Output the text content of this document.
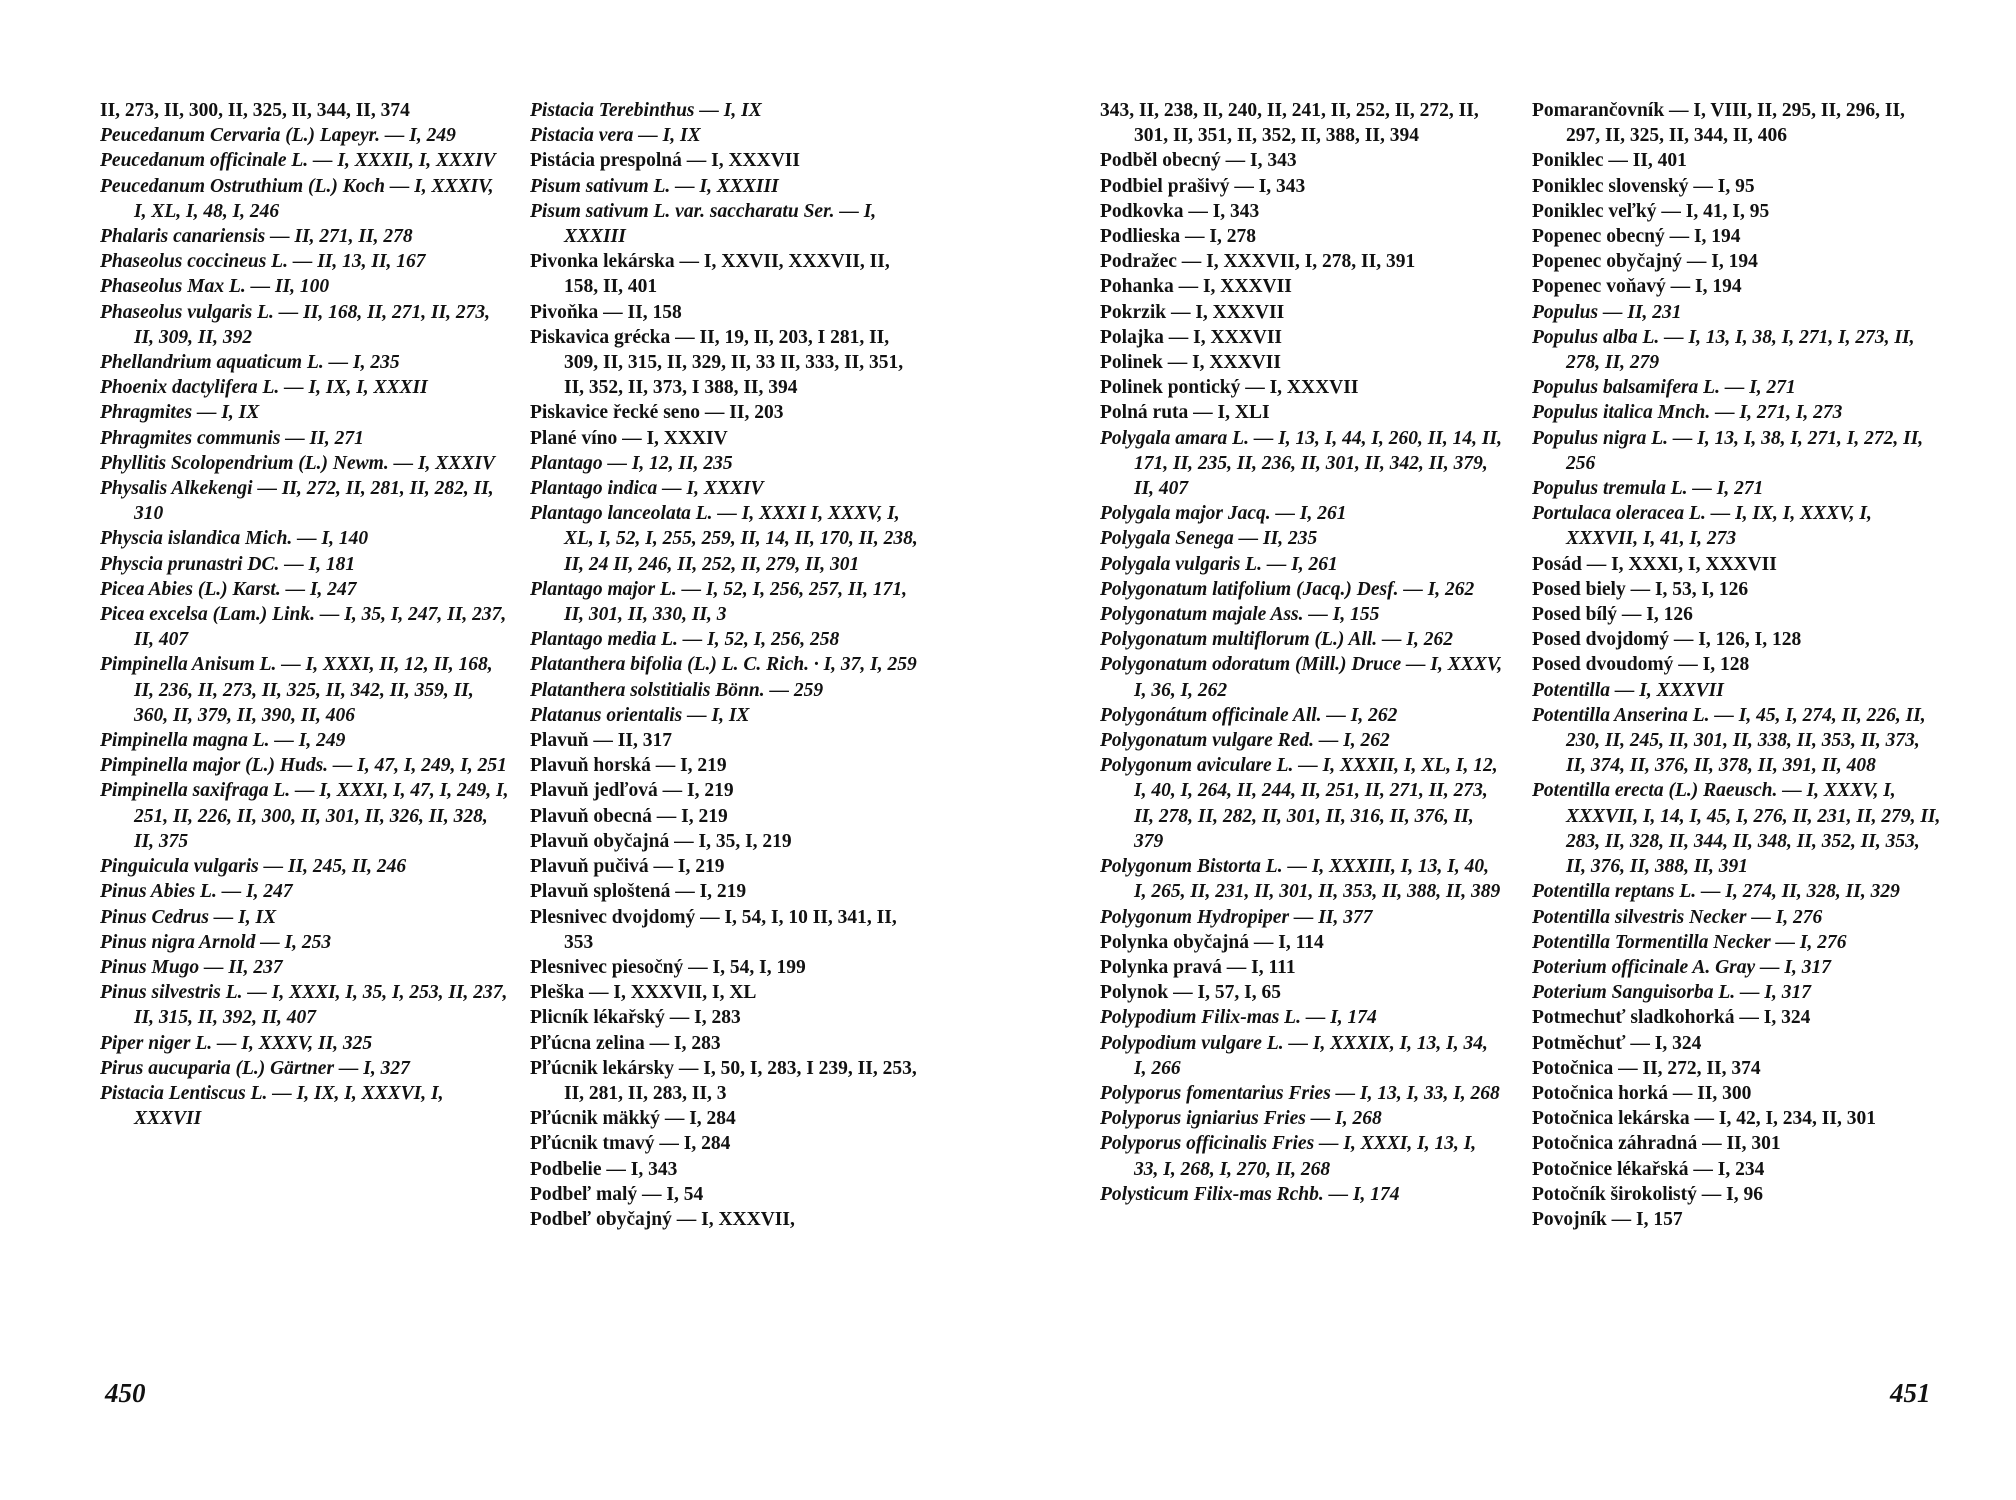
II, 273, II, 300, II, 325, II, 344, II, 374
Peucedanum Cervaria (L.) Lapeyr. — I, 249
Peucedanum officinale L. — I, XXXII, I, XXXIV
Peucedanum Ostruthium (L.) Koch — I, XXXIV, I, XL, I, 48, I, 246
Phalaris canariensis — II, 271, II, 278
Phaseolus coccineus L. — II, 13, II, 167
Phaseolus Max L. — II, 100
Phaseolus vulgaris L. — II, 168, II, 271, II, 273, II, 309, II, 392
Phellandrium aquaticum L. — I, 235
Phoenix dactylifera L. — I, IX, I, XXXII
Phragmites — I, IX
Phragmites communis — II, 271
Phyllitis Scolopendrium (L.) Newm. — I, XXXIV
Physalis Alkekengi — II, 272, II, 281, II, 282, II, 310
Physcia islandica Mich. — I, 140
Physcia prunastri DC. — I, 181
Picea Abies (L.) Karst. — I, 247
Picea excelsa (Lam.) Link. — I, 35, I, 247, II, 237, II, 407
Pimpinella Anisum L. — I, XXXI, II, 12, II, 168, II, 236, II, 273, II, 325, II, 342, II, 359, II, 360, II, 379, II, 390, II, 406
Pimpinella magna L. — I, 249
Pimpinella major (L.) Huds. — I, 47, I, 249, I, 251
Pimpinella saxifraga L. — I, XXXI, I, 47, I, 249, I, 251, II, 226, II, 300, II, 301, II, 326, II, 328, II, 375
Pinguicula vulgaris — II, 245, II, 246
Pinus Abies L. — I, 247
Pinus Cedrus — I, IX
Pinus nigra Arnold — I, 253
Pinus Mugo — II, 237
Pinus silvestris L. — I, XXXI, I, 35, I, 253, II, 237, II, 315, II, 392, II, 407
Piper niger L. — I, XXXV, II, 325
Pirus aucuparia (L.) Gärtner — I, 327
Pistacia Lentiscus L. — I, IX, I, XXXVI, I, XXXVII
Pistacia Terebinthus — I, IX
Pistacia vera — I, IX
Pistácia prespolná — I, XXXVII
Pisum sativum L. — I, XXXIII
Pisum sativum L. var. saccharatu Ser. — I, XXXIII
Pivonka lekárska — I, XXVII, XXXVII, II, 158, II, 401
Pivoňka — II, 158
Piskavica grécka — II, 19, II, 203, I 281, II, 309, II, 315, II, 329, II, 33 II, 333, II, 351, II, 352, II, 373, I 388, II, 394
Piskavice řecké seno — II, 203
Plané víno — I, XXXIV
Plantago — I, 12, II, 235
Plantago indica — I, XXXIV
Plantago lanceolata L. — I, XXXI I, XXXV, I, XL, I, 52, I, 255, 259, II, 14, II, 170, II, 238, II, 24 II, 246, II, 252, II, 279, II, 301
Plantago major L. — I, 52, I, 256, 257, II, 171, II, 301, II, 330, II, 3
Plantago media L. — I, 52, I, 256, 258
Platanthera bifolia (L.) L. C. Rich. · I, 37, I, 259
Platanthera solstitialis Bönn. — 259
Platanus orientalis — I, IX
Plavuň — II, 317
Plavuň horská — I, 219
Plavuň jedľová — I, 219
Plavuň obecná — I, 219
Plavuň obyčajná — I, 35, I, 219
Plavuň pučivá — I, 219
Plavuň sploštená — I, 219
Plesnivec dvojdomý — I, 54, I, 10 II, 341, II, 353
Plesnivec piesočný — I, 54, I, 199
Pleška — I, XXXVII, I, XL
Plicník lékařský — I, 283
Pľúcna zelina — I, 283
Pľúcnik lekársky — I, 50, I, 283, I 239, II, 253, II, 281, II, 283, II, 3
Pľúcnik mäkký — I, 284
Pľúcnik tmavý — I, 284
Podbelie — I, 343
Podbeľ malý — I, 54
Podbeľ obyčajný — I, XXXVII,
343, II, 238, II, 240, II, 241, II, 252, II, 272, II, 301, II, 351, II, 352, II, 388, II, 394
Podběl obecný — I, 343
Podbiel prašivý — I, 343
Podkovka — I, 343
Podlieska — I, 278
Podražec — I, XXXVII, I, 278, II, 391
Pohanka — I, XXXVII
Pokrzik — I, XXXVII
Polajka — I, XXXVII
Polinek — I, XXXVII
Polinek pontický — I, XXXVII
Polná ruta — I, XLI
Polygala amara L. — I, 13, I, 44, I, 260, II, 14, II, 171, II, 235, II, 236, II, 301, II, 342, II, 379, II, 407
Polygala major Jacq. — I, 261
Polygala Senega — II, 235
Polygala vulgaris L. — I, 261
Polygonatum latifolium (Jacq.) Desf. — I, 262
Polygonatum majale Ass. — I, 155
Polygonatum multiflorum (L.) All. — I, 262
Polygonatum odoratum (Mill.) Druce — I, XXXV, I, 36, I, 262
Polygonátum officinale All. — I, 262
Polygonatum vulgare Red. — I, 262
Polygonum aviculare L. — I, XXXII, I, XL, I, 12, I, 40, I, 264, II, 244, II, 251, II, 271, II, 273, II, 278, II, 282, II, 301, II, 316, II, 376, II, 379
Polygonum Bistorta L. — I, XXXIII, I, 13, I, 40, I, 265, II, 231, II, 301, II, 353, II, 388, II, 389
Polygonum Hydropiper — II, 377
Polynka obyčajná — I, 114
Polynka pravá — I, 111
Polynok — I, 57, I, 65
Polypodium Filix-mas L. — I, 174
Polypodium vulgare L. — I, XXXIX, I, 13, I, 34, I, 266
Polyporus fomentarius Fries — I, 13, I, 33, I, 268
Polyporus igniarius Fries — I, 268
Polyporus officinalis Fries — I, XXXI, I, 13, I, 33, I, 268, I, 270, II, 268
Polysticum Filix-mas Rchb. — I, 174
Pomarančovník — I, VIII, II, 295, II, 296, II, 297, II, 325, II, 344, II, 406
Poniklec — II, 401
Poniklec slovenský — I, 95
Poniklec veľký — I, 41, I, 95
Popenec obecný — I, 194
Popenec obyčajný — I, 194
Popenec voňavý — I, 194
Populus — II, 231
Populus alba L. — I, 13, I, 38, I, 271, I, 273, II, 278, II, 279
Populus balsamifera L. — I, 271
Populus italica Mnch. — I, 271, I, 273
Populus nigra L. — I, 13, I, 38, I, 271, I, 272, II, 256
Populus tremula L. — I, 271
Portulaca oleracea L. — I, IX, I, XXXV, I, XXXVII, I, 41, I, 273
Posád — I, XXXI, I, XXXVII
Posed biely — I, 53, I, 126
Posed bílý — I, 126
Posed dvojdomý — I, 126, I, 128
Posed dvoudomý — I, 128
Potentilla — I, XXXVII
Potentilla Anserina L. — I, 45, I, 274, II, 226, II, 230, II, 245, II, 301, II, 338, II, 353, II, 373, II, 374, II, 376, II, 378, II, 391, II, 408
Potentilla erecta (L.) Raeusch. — I, XXXV, I, XXXVII, I, 14, I, 45, I, 276, II, 231, II, 279, II, 283, II, 328, II, 344, II, 348, II, 352, II, 353, II, 376, II, 388, II, 391
Potentilla reptans L. — I, 274, II, 328, II, 329
Potentilla silvestris Necker — I, 276
Potentilla Tormentilla Necker — I, 276
Poterium officinale A. Gray — I, 317
Poterium Sanguisorba L. — I, 317
Potmechuť sladkohorká — I, 324
Potměchuť — I, 324
Potočnica — II, 272, II, 374
Potočnica horká — II, 300
Potočnica lekárska — I, 42, I, 234, II, 301
Potočnica záhradná — II, 301
Potočnice lékařská — I, 234
Potočník širokolistý — I, 96
Povojník — I, 157
450	451
